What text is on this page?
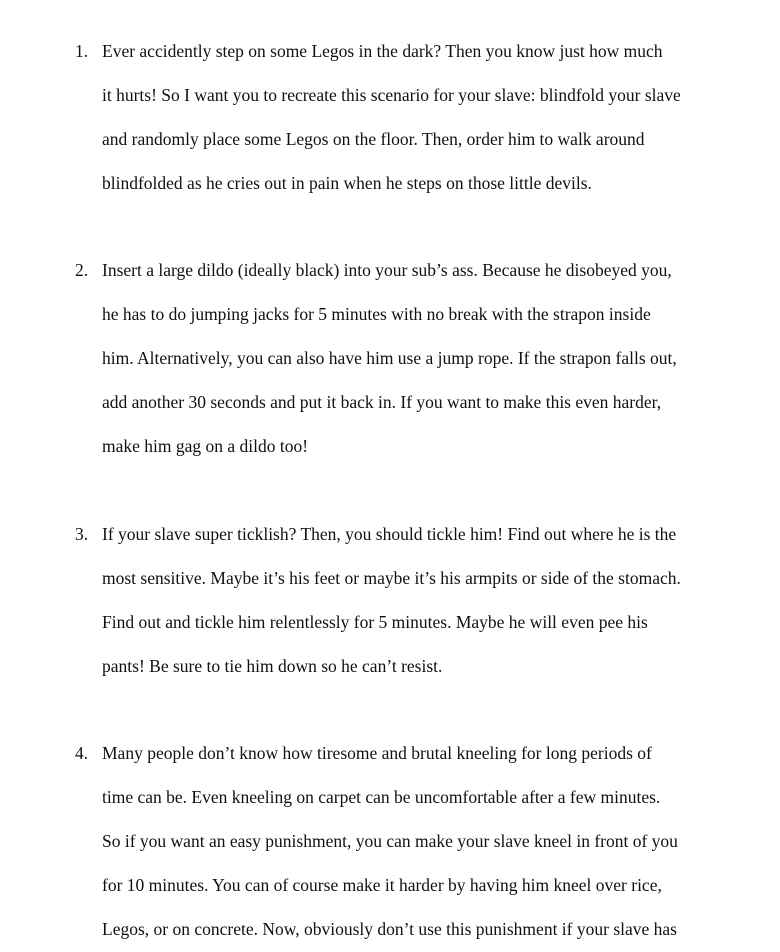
1. Ever accidently step on some Legos in the dark? Then you know just how much
it hurts! So I want you to recreate this scenario for your slave: blindfold your slave
and randomly place some Legos on the floor. Then, order him to walk around
blindfolded as he cries out in pain when he steps on those little devils.
2. Insert a large dildo (ideally black) into your sub’s ass. Because he disobeyed you,
he has to do jumping jacks for 5 minutes with no break with the strapon inside
him. Alternatively, you can also have him use a jump rope. If the strapon falls out,
add another 30 seconds and put it back in. If you want to make this even harder,
make him gag on a dildo too!
3. If your slave super ticklish? Then, you should tickle him! Find out where he is the
most sensitive. Maybe it’s his feet or maybe it’s his armpits or side of the stomach.
Find out and tickle him relentlessly for 5 minutes. Maybe he will even pee his
pants! Be sure to tie him down so he can’t resist.
4. Many people don’t know how tiresome and brutal kneeling for long periods of
time can be. Even kneeling on carpet can be uncomfortable after a few minutes.
So if you want an easy punishment, you can make your slave kneel in front of you
for 10 minutes. You can of course make it harder by having him kneel over rice,
Legos, or on concrete. Now, obviously don’t use this punishment if your slave has
